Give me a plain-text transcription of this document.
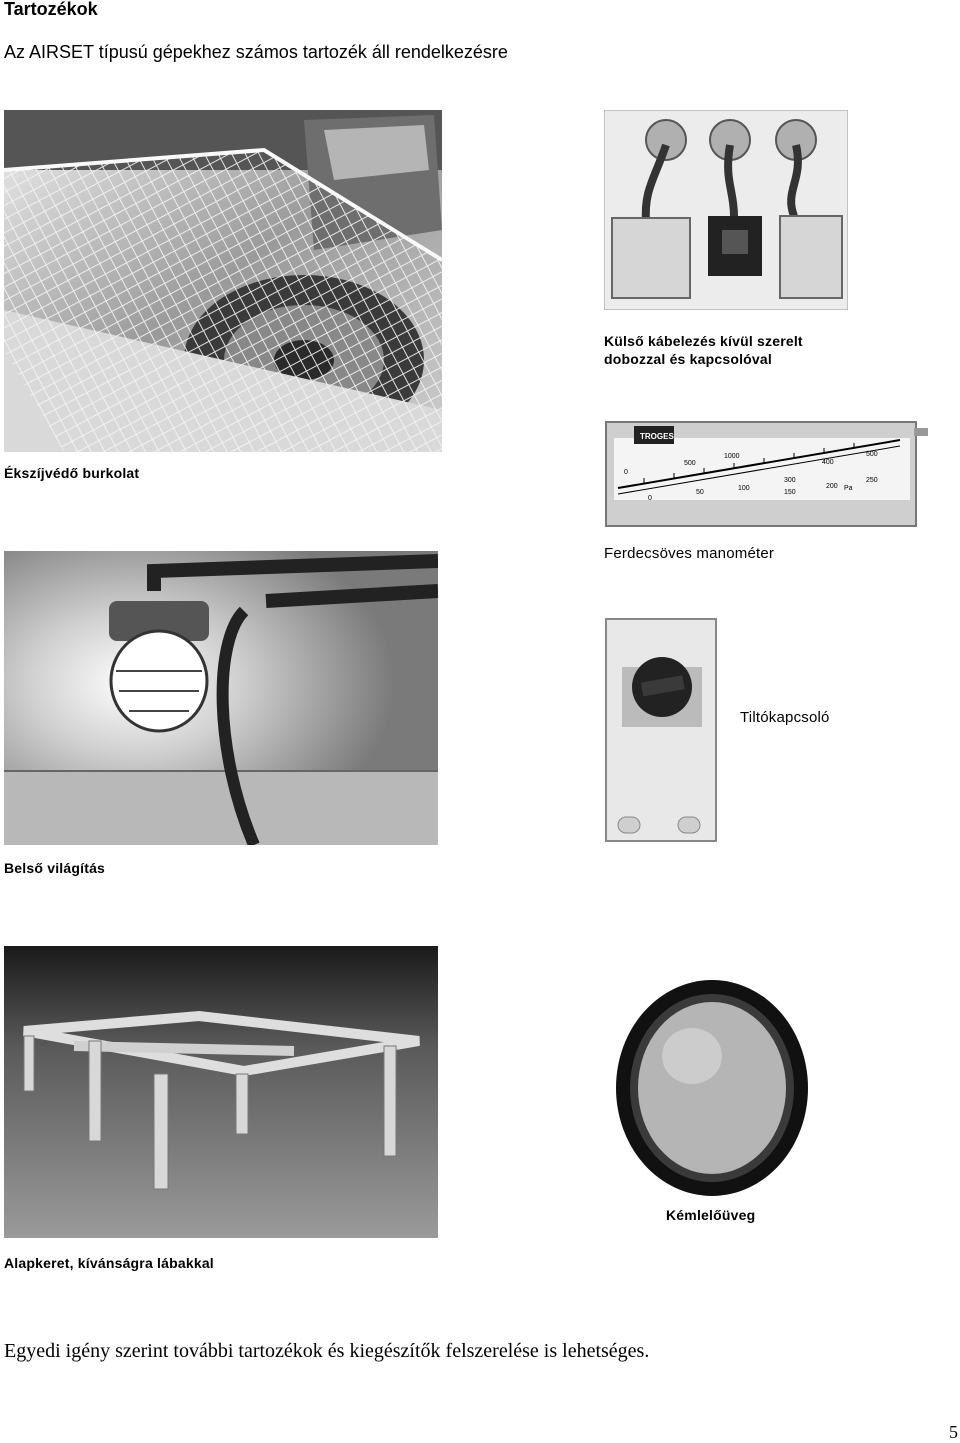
Tartozékok
Az AIRSET típusú gépekhez számos tartozék áll rendelkezésre
Külső kábelezés kívül szerelt
dobozzal és kapcsolóval
TROGES
0
500
1000
300
400
500
0
50
100
150
200
250
Pa
Ékszíjvédő burkolat
Ferdecsöves manométer
Tiltókapcsoló
Belső világítás
Kémlelőüveg
Alapkeret, kívánságra lábakkal
Egyedi igény szerint további tartozékok és kiegészítők felszerelése is lehetséges.
5
